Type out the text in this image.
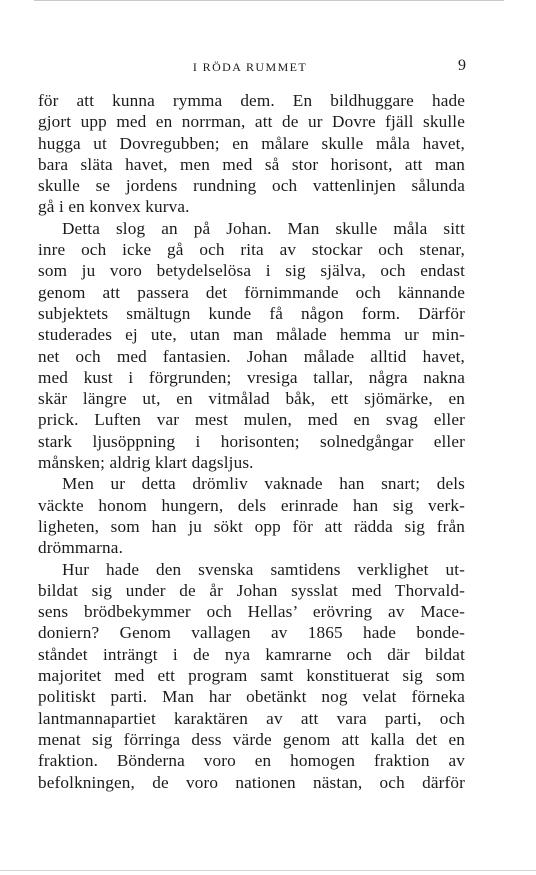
I RÖDA RUMMET	9
för att kunna rymma dem. En bildhuggare hade
gjort upp med en norrman, att de ur Dovre fjäll skulle
hugga ut Dovregubben; en målare skulle måla havet,
bara släta havet, men med så stor horisont, att man
skulle se jordens rundning och vattenlinjen sålunda
gå i en konvex kurva.
Detta slog an på Johan. Man skulle måla sitt
inre och icke gå och rita av stockar och stenar,
som ju voro betydelselösa i sig själva, och endast
genom att passera det förnimmande och kännande
subjektets smältugn kunde få någon form. Därför
studerades ej ute, utan man målade hemma ur min-
net och med fantasien. Johan målade alltid havet,
med kust i förgrunden; vresiga tallar, några nakna
skär längre ut, en vitmålad båk, ett sjömärke, en
prick. Luften var mest mulen, med en svag eller
stark ljusöppning i horisonten; solnedgångar eller
månsken; aldrig klart dagsljus.
Men ur detta drömliv vaknade han snart; dels
väckte honom hungern, dels erinrade han sig verk-
ligheten, som han ju sökt opp för att rädda sig från
drömmarna.
Hur hade den svenska samtidens verklighet ut-
bildat sig under de år Johan sysslat med Thorvald-
sens brödbekymmer och Hellas’ erövring av Mace-
doniern? Genom vallagen av 1865 hade bonde-
ståndet inträngt i de nya kamrarne och där bildat
majoritet med ett program samt konstituerat sig som
politiskt parti. Man har obetänkt nog velat förneka
lantmannapartiet karaktären av att vara parti, och
menat sig förringa dess värde genom att kalla det en
fraktion. Bönderna voro en homogen fraktion av
befolkningen, de voro nationen nästan, och därför
